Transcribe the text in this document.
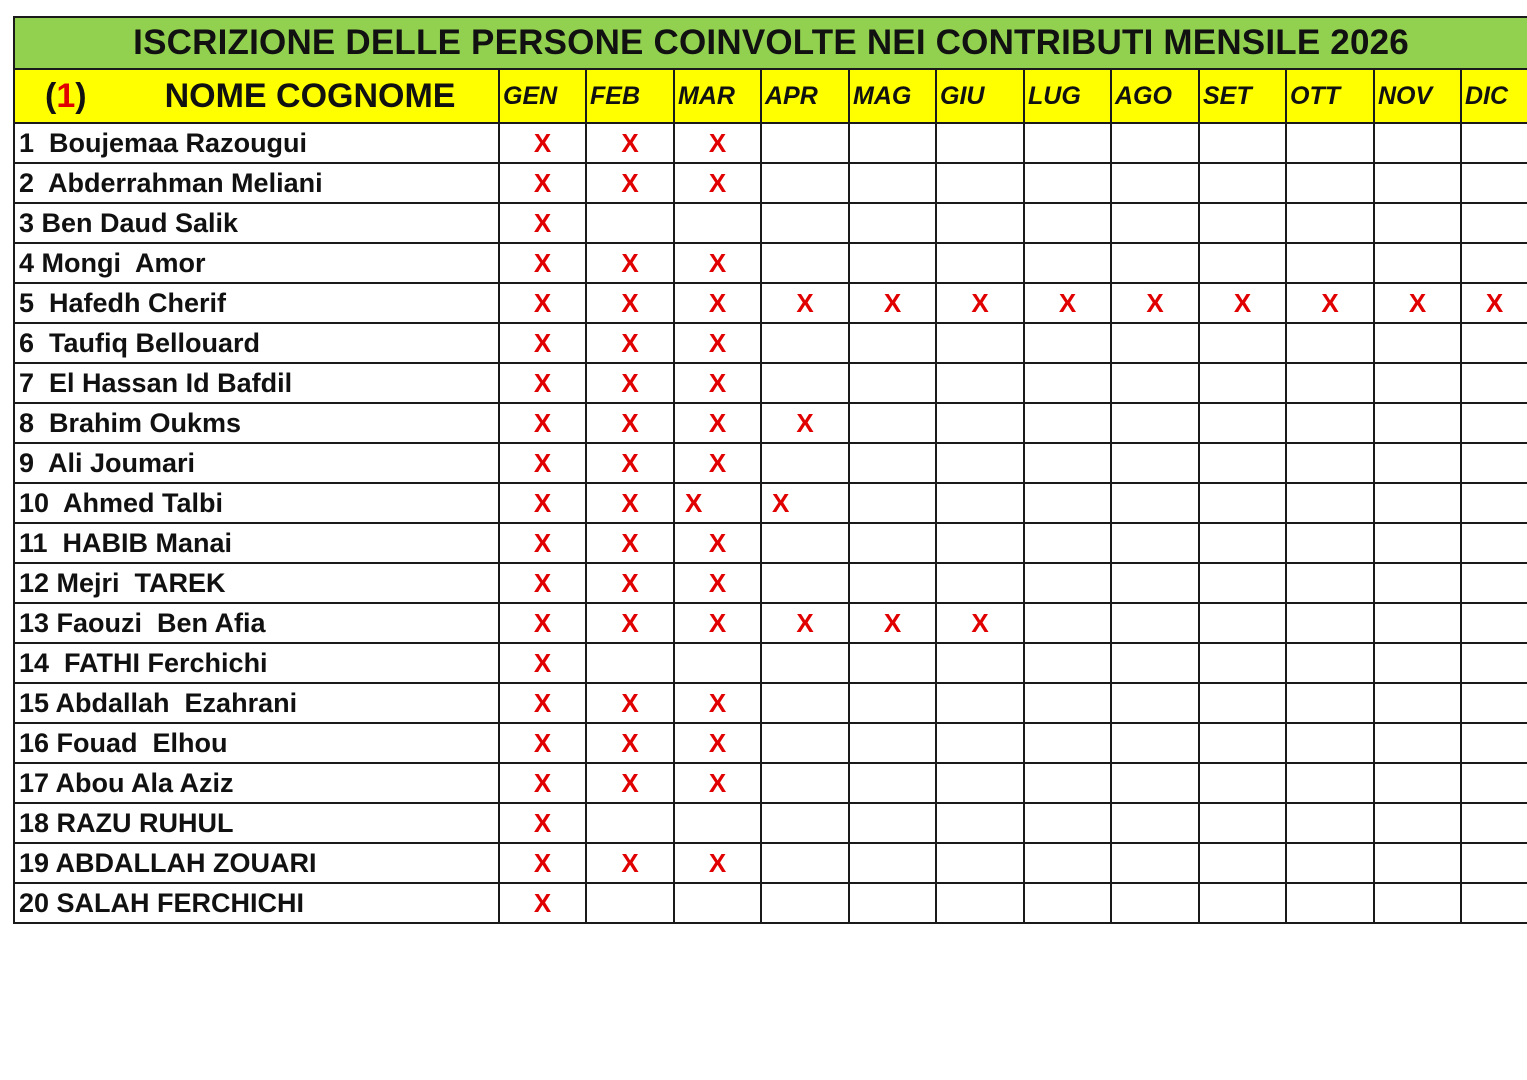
ISCRIZIONE DELLE PERSONE COINVOLTE NEI CONTRIBUTI MENSILE 2026												
(1) NOME COGNOME	GEN	FEB	MAR	APR	MAG	GIU	LUG	AGO	SET	OTT	NOV	DIC
1  Boujemaa Razougui	X	X	X									
2  Abderrahman Meliani	X	X	X									
3 Ben Daud Salik	X											
4 Mongi  Amor	X	X	X									
5  Hafedh Cherif	X	X	X	X	X	X	X	X	X	X	X	X
6  Taufiq Bellouard	X	X	X									
7  El Hassan Id Bafdil	X	X	X									
8  Brahim Oukms	X	X	X	X								
9  Ali Joumari	X	X	X									
10  Ahmed Talbi	X	X	X	X								
11  HABIB Manai	X	X	X									
12 Mejri  TAREK	X	X	X									
13 Faouzi  Ben Afia	X	X	X	X	X	X						
14  FATHI Ferchichi	X											
15 Abdallah  Ezahrani	X	X	X									
16 Fouad  Elhou	X	X	X									
17 Abou Ala Aziz	X	X	X									
18 RAZU RUHUL	X											
19 ABDALLAH ZOUARI	X	X	X									
20 SALAH FERCHICHI	X											
